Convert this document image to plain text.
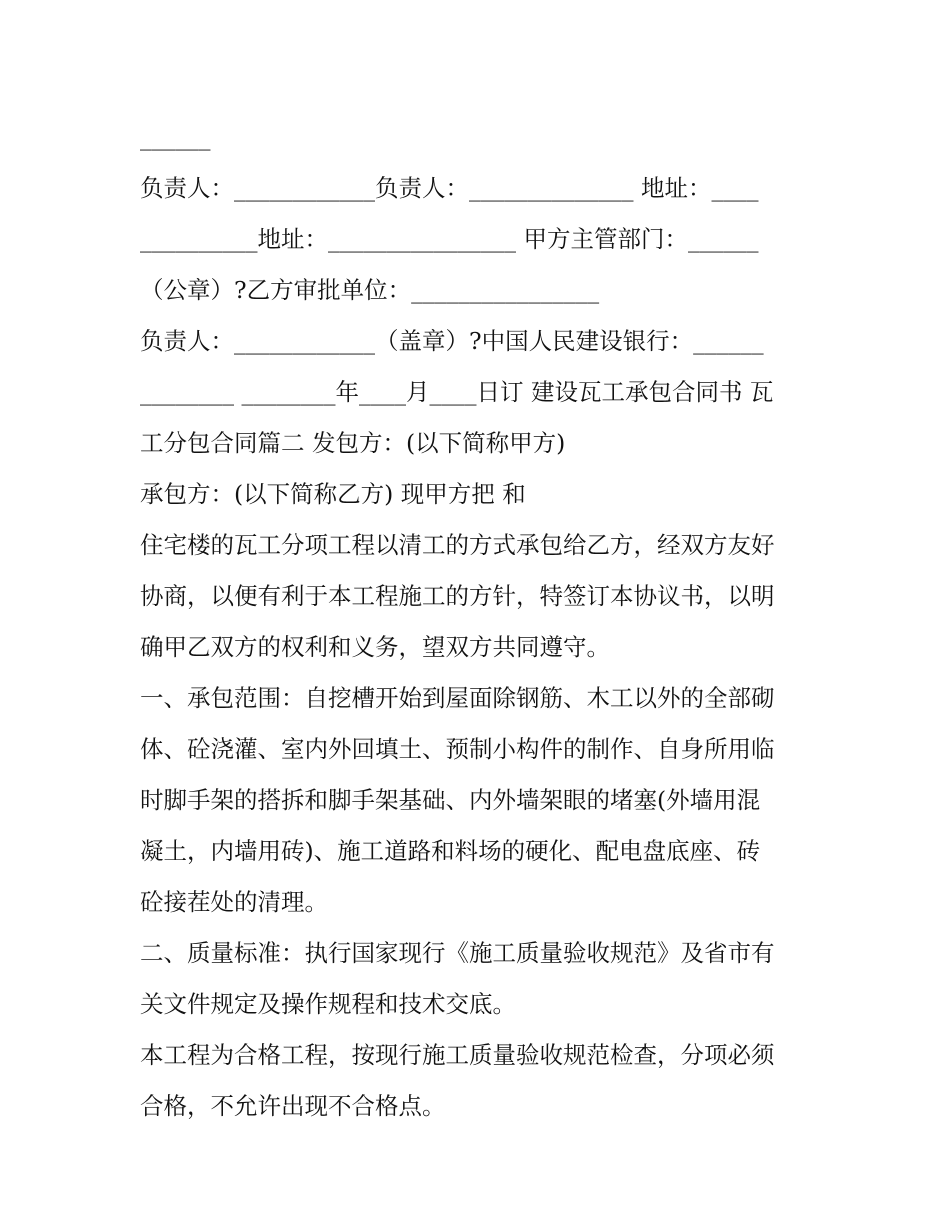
______
负责人：____________负责人：______________ 地址：____
__________地址：________________ 甲方主管部门：______
（公章）?乙方审批单位：________________
负责人：____________（盖章）?中国人民建设银行：______
________ ________年____月____日订 建设瓦工承包合同书 瓦
工分包合同篇二 发包方：(以下简称甲方)
承包方：(以下简称乙方) 现甲方把 和
住宅楼的瓦工分项工程以清工的方式承包给乙方，经双方友好
协商，以便有利于本工程施工的方针，特签订本协议书，以明
确甲乙双方的权利和义务，望双方共同遵守。
一、承包范围：自挖槽开始到屋面除钢筋、木工以外的全部砌
体、砼浇灌、室内外回填土、预制小构件的制作、自身所用临
时脚手架的搭拆和脚手架基础、内外墙架眼的堵塞(外墙用混
凝土，内墙用砖)、施工道路和料场的硬化、配电盘底座、砖
砼接茬处的清理。
二、质量标准：执行国家现行《施工质量验收规范》及省市有
关文件规定及操作规程和技术交底。
本工程为合格工程，按现行施工质量验收规范检查，分项必须
合格，不允许出现不合格点。
